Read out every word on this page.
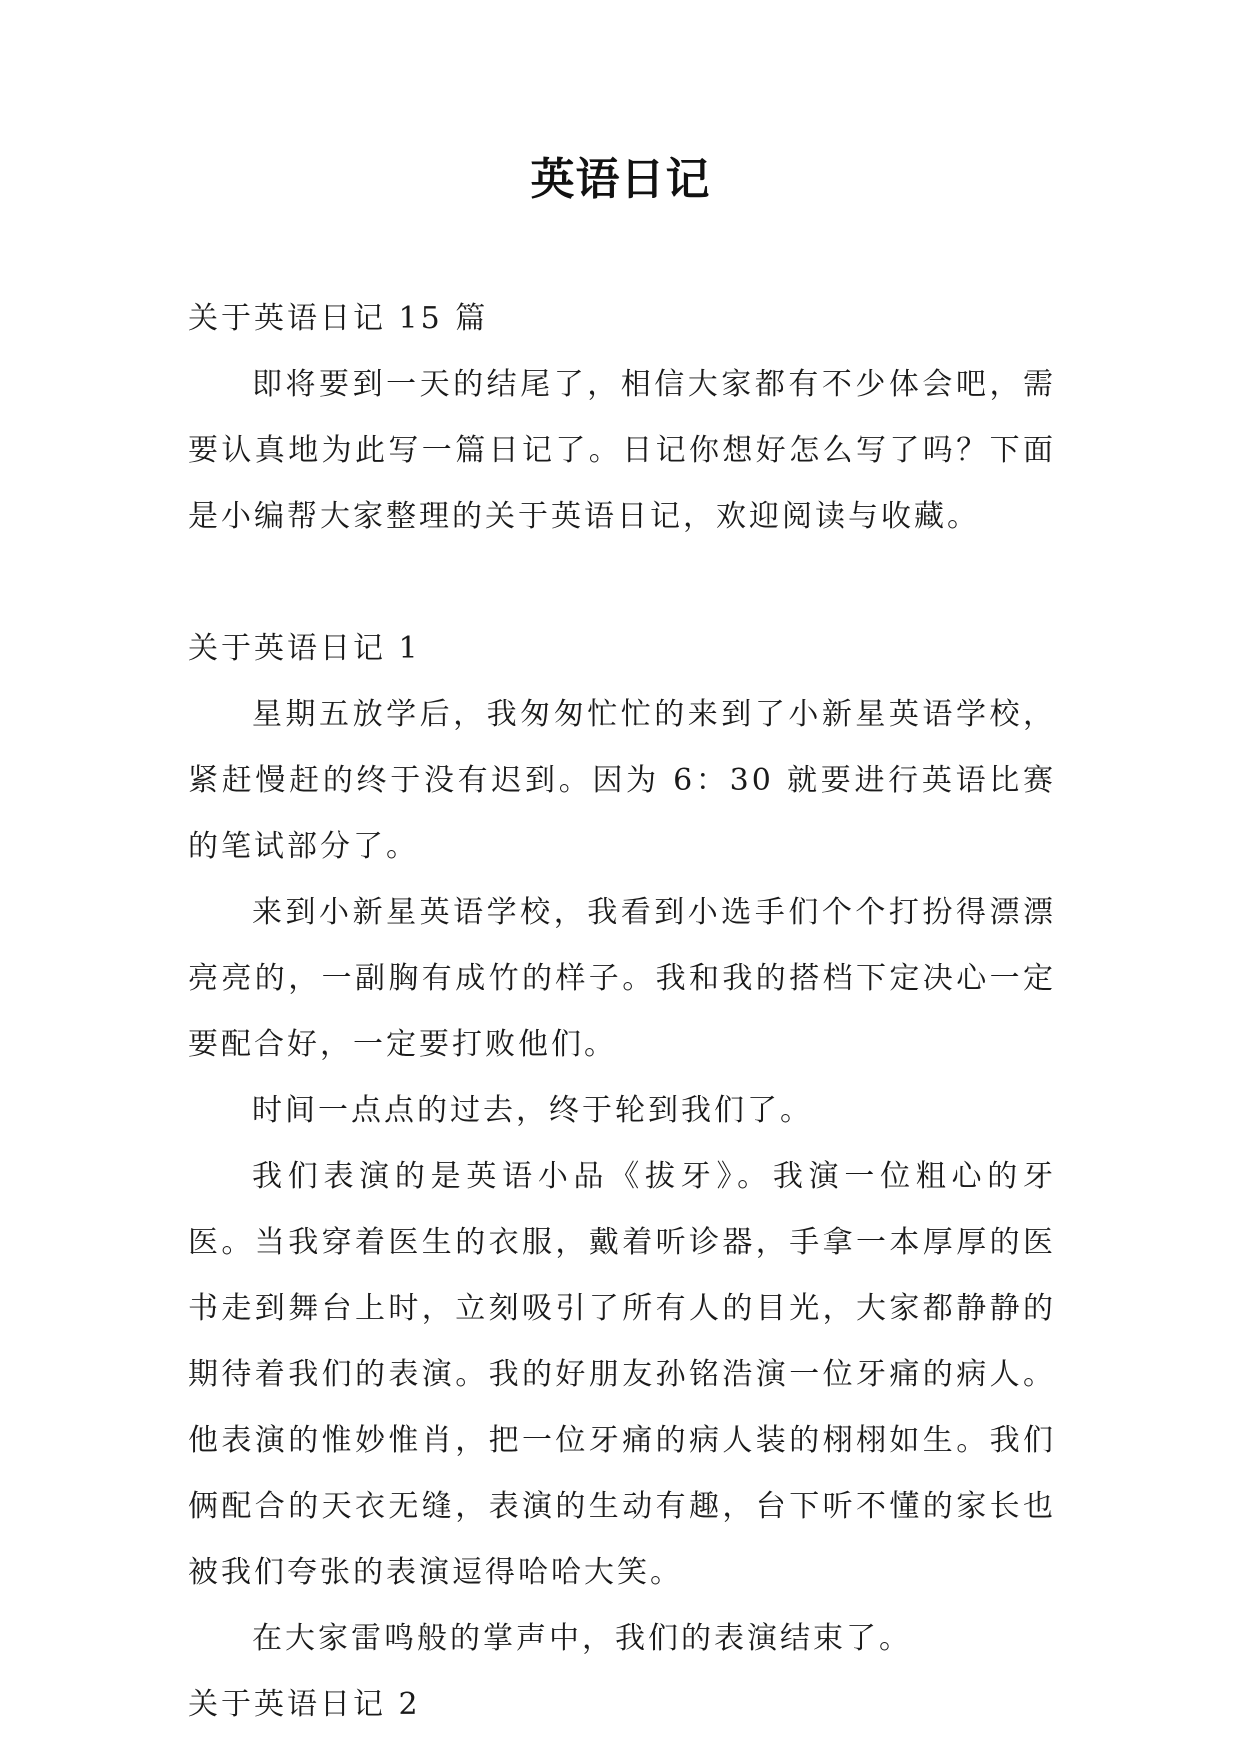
英语日记

关于英语日记 15 篇

即将要到一天的结尾了，相信大家都有不少体会吧，需要认真地为此写一篇日记了。日记你想好怎么写了吗？下面是小编帮大家整理的关于英语日记，欢迎阅读与收藏。

关于英语日记 1

星期五放学后，我匆匆忙忙的来到了小新星英语学校，紧赶慢赶的终于没有迟到。因为 6：30 就要进行英语比赛的笔试部分了。

来到小新星英语学校，我看到小选手们个个打扮得漂漂亮亮的，一副胸有成竹的样子。我和我的搭档下定决心一定要配合好，一定要打败他们。

时间一点点的过去，终于轮到我们了。

我们表演的是英语小品《拔牙》。我演一位粗心的牙医。当我穿着医生的衣服，戴着听诊器，手拿一本厚厚的医书走到舞台上时，立刻吸引了所有人的目光，大家都静静的期待着我们的表演。我的好朋友孙铭浩演一位牙痛的病人。他表演的惟妙惟肖，把一位牙痛的病人装的栩栩如生。我们俩配合的天衣无缝，表演的生动有趣，台下听不懂的家长也被我们夸张的表演逗得哈哈大笑。

在大家雷鸣般的掌声中，我们的表演结束了。

关于英语日记 2
